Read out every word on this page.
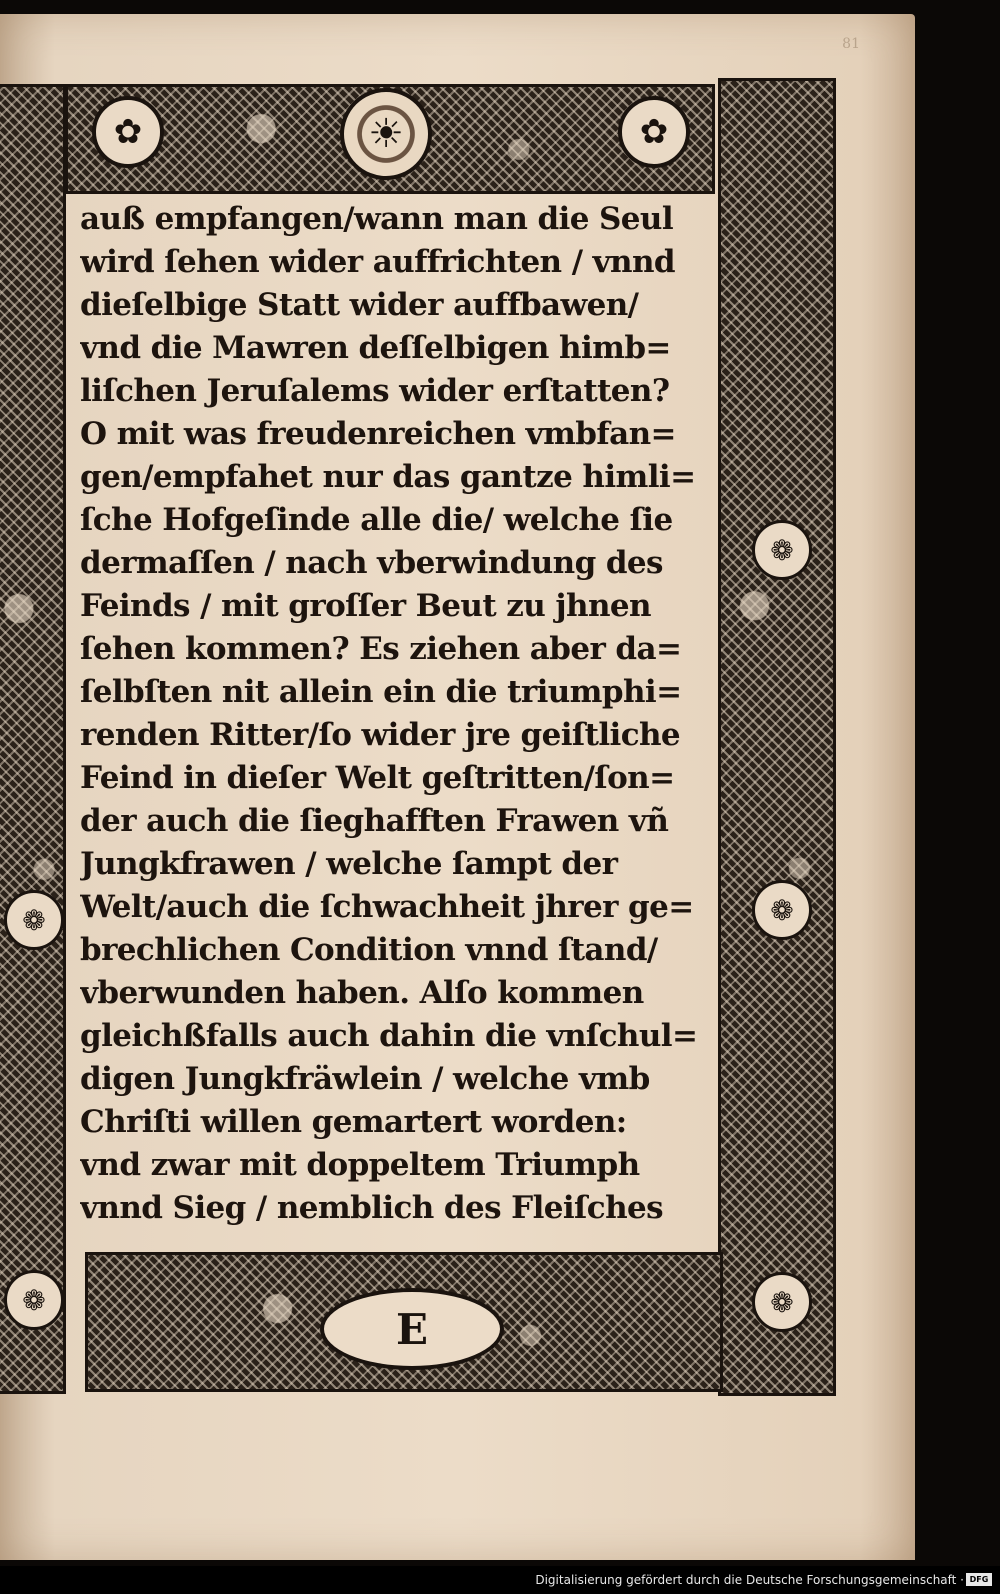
81
✿	☀	✿
❁
❁
❁
❁
❁
E
auß empfangen/wann man die Seul
wird ſehen wider auffrichten / vnnd
dieſelbige Statt wider auffbawen/
vnd die Mawren deſſelbigen himb=
liſchen Jeruſalems wider erſtatten?
O mit was freudenreichen vmbfan=
gen/empfahet nur das gantze himli=
ſche Hofgeſinde alle die/ welche ſie
dermaſſen / nach vberwindung des
Feinds / mit groſſer Beut zu jhnen
ſehen kommen? Es ziehen aber da=
ſelbſten nit allein ein die triumphi=
renden Ritter/ſo wider jre geiſtliche
Feind in dieſer Welt geſtritten/ſon=
der auch die ſieghafften Frawen vñ
Jungkfrawen / welche ſampt der
Welt/auch die ſchwachheit jhrer ge=
brechlichen Condition vnnd ſtand/
vberwunden haben. Alſo kommen
gleichßfalls auch dahin die vnſchul=
digen Jungkfräwlein / welche vmb
Chriſti willen gemartert worden:
vnd zwar mit doppeltem Triumph
vnnd Sieg / nemblich des Fleiſches
Digitalisierung gefördert durch die Deutsche Forschungsgemeinschaft · DFG
